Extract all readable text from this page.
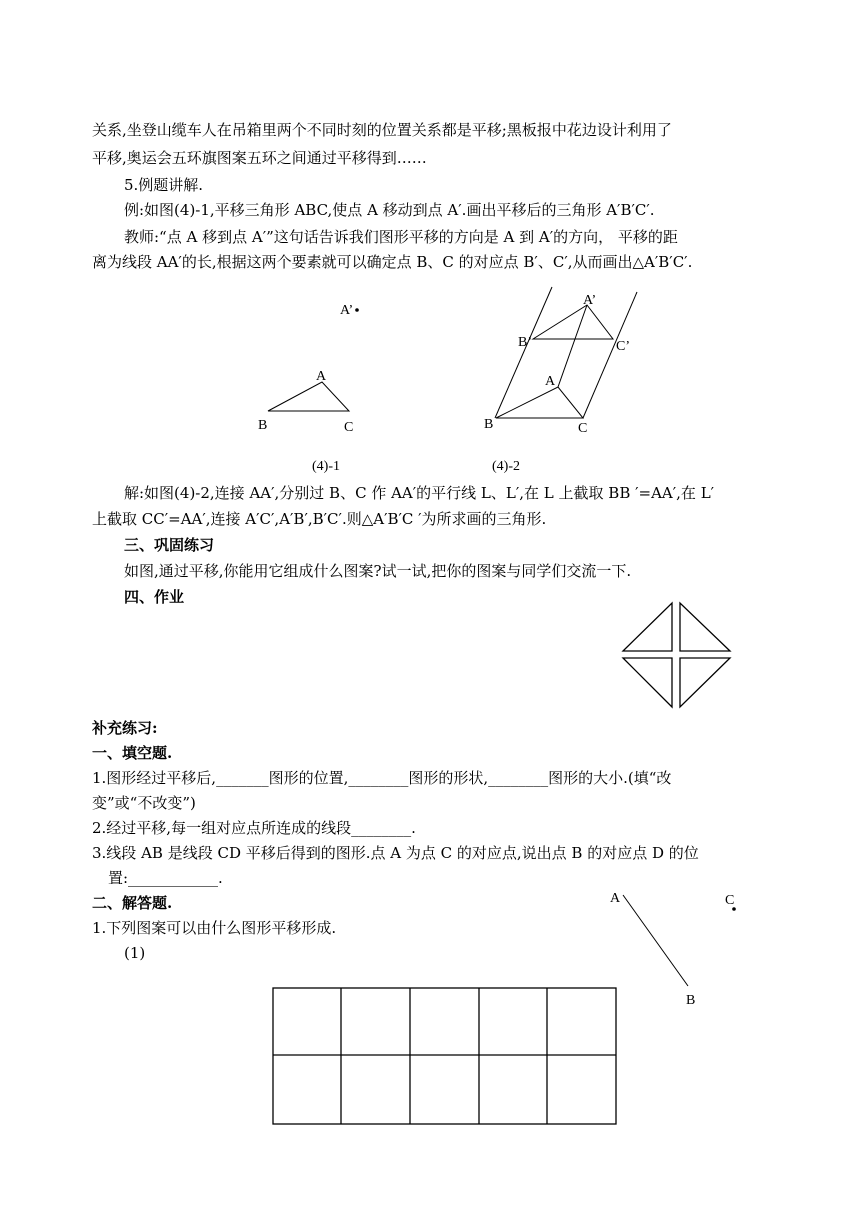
关系,坐登山缆车人在吊箱里两个不同时刻的位置关系都是平移;黑板报中花边设计利用了
平移,奥运会五环旗图案五环之间通过平移得到……
5.例题讲解.
例:如图(4)-1,平移三角形 ABC,使点 A 移动到点 A′.画出平移后的三角形 A′B′C′.
教师:“点 A 移到点 A′”这句话告诉我们图形平移的方向是 A 到 A′的方向， 平移的距
离为线段 AA′的长,根据这两个要素就可以确定点 B、C 的对应点 B′、C′,从而画出△A′B′C′.
解:如图(4)-2,连接 AA′,分别过 B、C 作 AA′的平行线 L、L′,在 L 上截取 BB ′=AA′,在 L′
上截取 CC′=AA′,连接 A′C′,A′B′,B′C′.则△A′B′C ′为所求画的三角形.
三、巩固练习
如图,通过平移,你能用它组成什么图案?试一试,把你的图案与同学们交流一下.
四、作业
补充练习:
一、填空题.
1.图形经过平移后,_______图形的位置,________图形的形状,________图形的大小.(填“改
变”或“不改变”)
2.经过平移,每一组对应点所连成的线段________.
3.线段 AB 是线段 CD 平移后得到的图形.点 A 为点 C 的对应点,说出点 B 的对应点 D 的位
置:____________.
二、解答题.
1.下列图案可以由什么图形平移形成.
(1)
A’
A
B	C
(4)-1
A’
B’	C’
A
B	C
(4)-2
A
B
C
